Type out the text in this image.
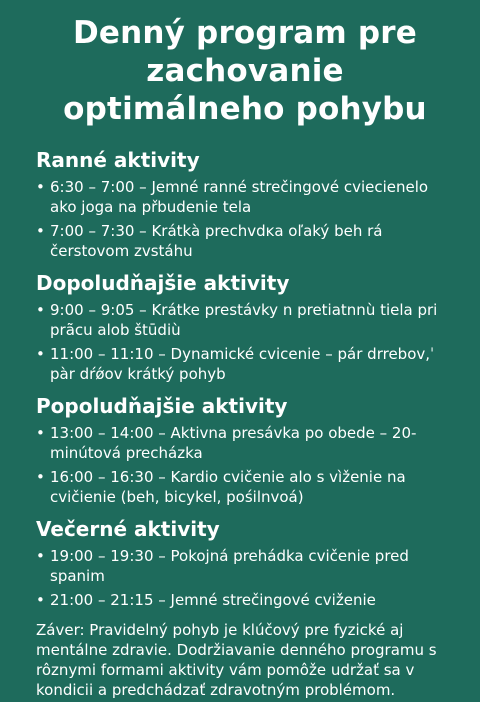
Denný program pre zachovanie optimálneho pohybu
Ranné aktivity
• 6:30 – 7:00 – Jemné ranné strečingové cviecienelo ako joga na přbudenie tela
• 7:00 – 7:30 – Krátkà prechvdĸa oľaký beh rá čerstovom zvstáhu
Dopoludňajšie aktivity
• 9:00 – 9:05 – Krátke prestávky n pretiatnnù tiela pri prãcu alob štūdiù
• 11:00 – 11:10 – Dynamické cvicenie – pár drrebov,ˈ pàr dŕǿov krátký pohyb
Popoludňajšie aktivity
• 13:00 – 14:00 – Aktivna presávka po obede – 20-minútová precházka
• 16:00 – 16:30 – Kardio cvičenie alo s vìženie na cvičienie (beh, bicykel, pośilnvoá)
Večerné aktivity
• 19:00 – 19:30 – Pokojná prehádka cvičenie pred spanim
• 21:00 – 21:15 – Jemné strečingové cviženie

Záver: Pravidelný pohyb je klúčový pre fyzické aj mentálne zdravie. Dodržiavanie denného programu s rôznymi formami aktivity vám pomôže udržať sa v kondicii a predchádzať zdravotným problémom.
